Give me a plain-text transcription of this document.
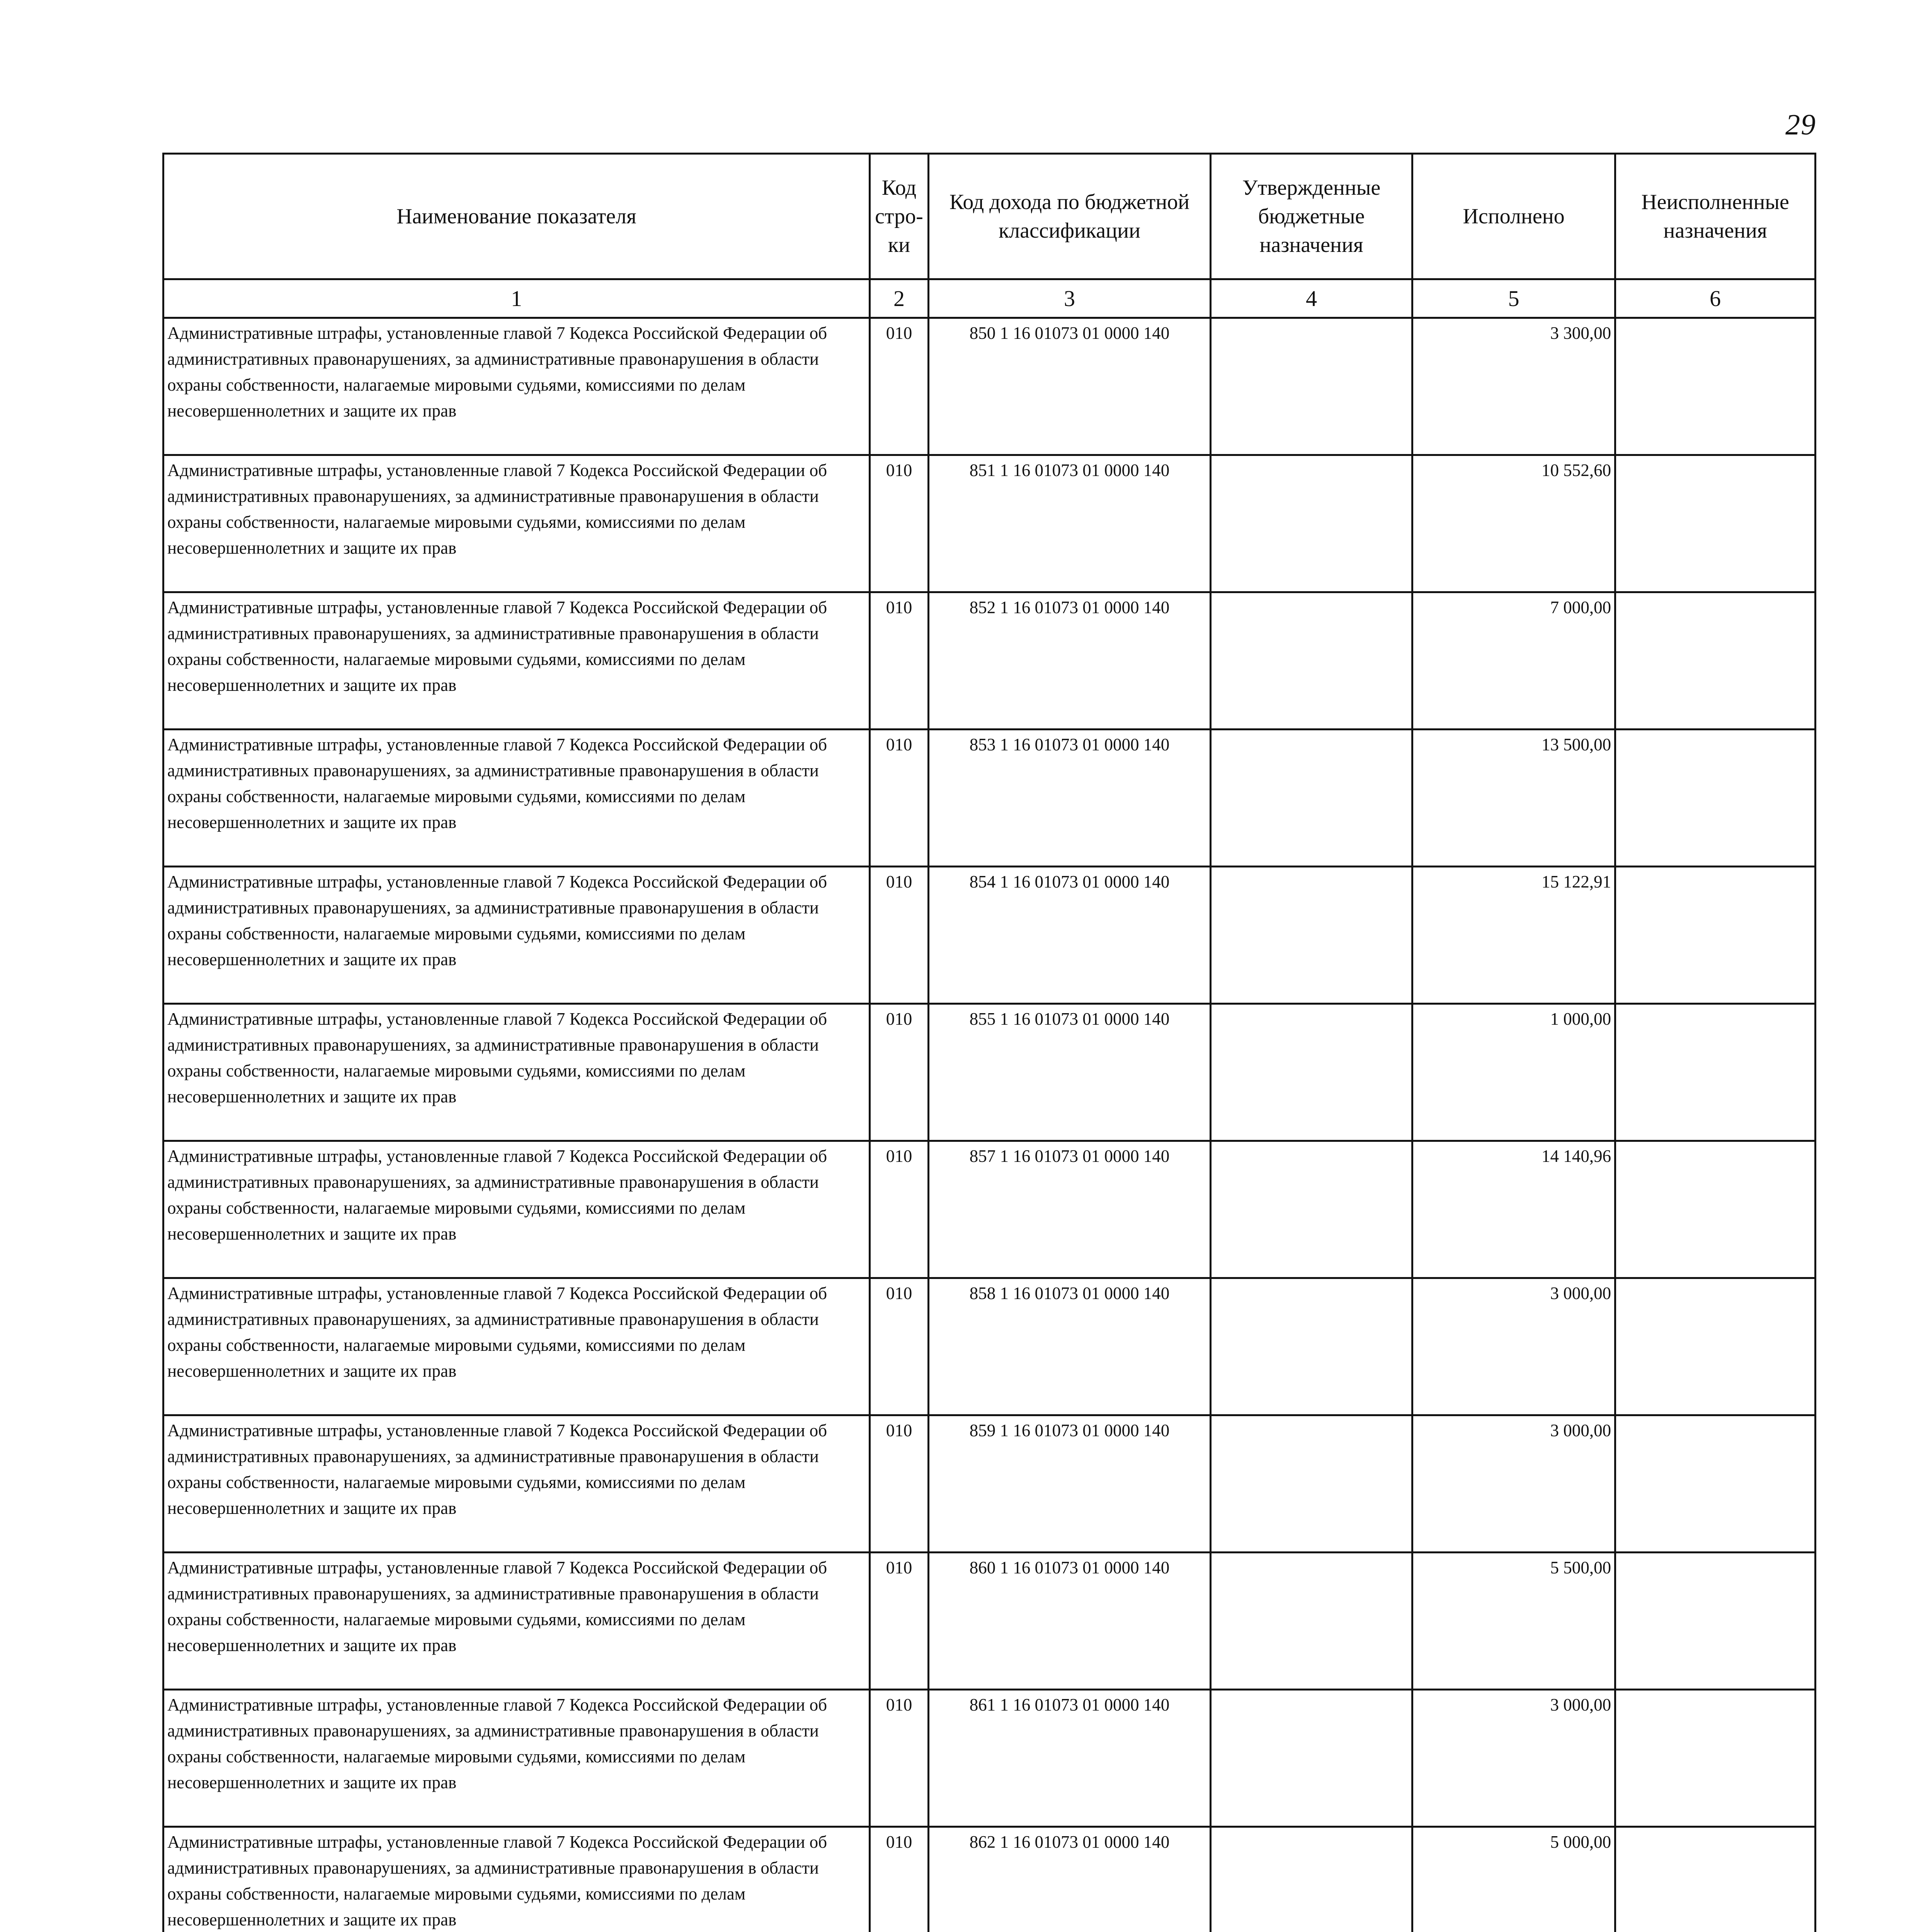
29
Наименование показателя	Код стро-ки	Код дохода по бюджетной классификации	Утвержденные бюджетные назначения	Исполнено	Неисполненные назначения
1	2	3	4	5	6
Административные штрафы, установленные главой 7 Кодекса Российской Федерации об административных правонарушениях, за административные правонарушения в области охраны собственности, налагаемые мировыми судьями, комиссиями по делам несовершеннолетних и защите их прав	010	850 1 16 01073 01 0000 140		3 300,00	
Административные штрафы, установленные главой 7 Кодекса Российской Федерации об административных правонарушениях, за административные правонарушения в области охраны собственности, налагаемые мировыми судьями, комиссиями по делам несовершеннолетних и защите их прав	010	851 1 16 01073 01 0000 140		10 552,60	
Административные штрафы, установленные главой 7 Кодекса Российской Федерации об административных правонарушениях, за административные правонарушения в области охраны собственности, налагаемые мировыми судьями, комиссиями по делам несовершеннолетних и защите их прав	010	852 1 16 01073 01 0000 140		7 000,00	
Административные штрафы, установленные главой 7 Кодекса Российской Федерации об административных правонарушениях, за административные правонарушения в области охраны собственности, налагаемые мировыми судьями, комиссиями по делам несовершеннолетних и защите их прав	010	853 1 16 01073 01 0000 140		13 500,00	
Административные штрафы, установленные главой 7 Кодекса Российской Федерации об административных правонарушениях, за административные правонарушения в области охраны собственности, налагаемые мировыми судьями, комиссиями по делам несовершеннолетних и защите их прав	010	854 1 16 01073 01 0000 140		15 122,91	
Административные штрафы, установленные главой 7 Кодекса Российской Федерации об административных правонарушениях, за административные правонарушения в области охраны собственности, налагаемые мировыми судьями, комиссиями по делам несовершеннолетних и защите их прав	010	855 1 16 01073 01 0000 140		1 000,00	
Административные штрафы, установленные главой 7 Кодекса Российской Федерации об административных правонарушениях, за административные правонарушения в области охраны собственности, налагаемые мировыми судьями, комиссиями по делам несовершеннолетних и защите их прав	010	857 1 16 01073 01 0000 140		14 140,96	
Административные штрафы, установленные главой 7 Кодекса Российской Федерации об административных правонарушениях, за административные правонарушения в области охраны собственности, налагаемые мировыми судьями, комиссиями по делам несовершеннолетних и защите их прав	010	858 1 16 01073 01 0000 140		3 000,00	
Административные штрафы, установленные главой 7 Кодекса Российской Федерации об административных правонарушениях, за административные правонарушения в области охраны собственности, налагаемые мировыми судьями, комиссиями по делам несовершеннолетних и защите их прав	010	859 1 16 01073 01 0000 140		3 000,00	
Административные штрафы, установленные главой 7 Кодекса Российской Федерации об административных правонарушениях, за административные правонарушения в области охраны собственности, налагаемые мировыми судьями, комиссиями по делам несовершеннолетних и защите их прав	010	860 1 16 01073 01 0000 140		5 500,00	
Административные штрафы, установленные главой 7 Кодекса Российской Федерации об административных правонарушениях, за административные правонарушения в области охраны собственности, налагаемые мировыми судьями, комиссиями по делам несовершеннолетних и защите их прав	010	861 1 16 01073 01 0000 140		3 000,00	
Административные штрафы, установленные главой 7 Кодекса Российской Федерации об административных правонарушениях, за административные правонарушения в области охраны собственности, налагаемые мировыми судьями, комиссиями по делам несовершеннолетних и защите их прав	010	862 1 16 01073 01 0000 140		5 000,00	
